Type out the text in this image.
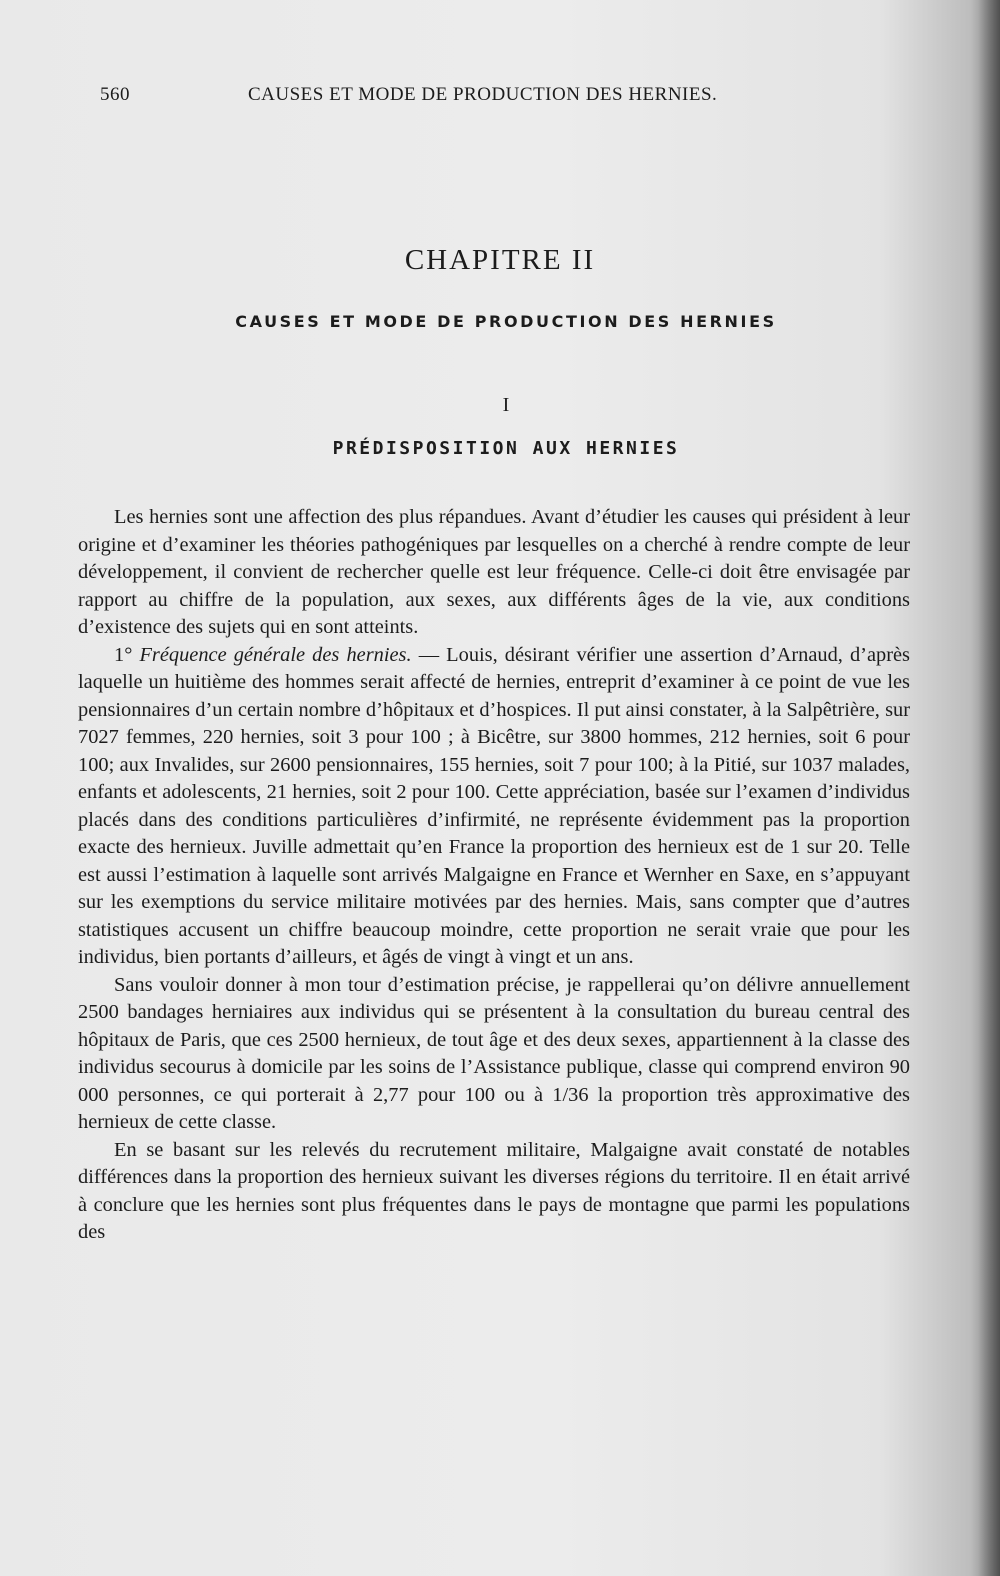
560	CAUSES ET MODE DE PRODUCTION DES HERNIES.
CHAPITRE II
CAUSES ET MODE DE PRODUCTION DES HERNIES
I
PRÉDISPOSITION AUX HERNIES

Les hernies sont une affection des plus répandues. Avant d’étudier les causes qui président à leur origine et d’examiner les théories pathogéniques par lesquelles on a cherché à rendre compte de leur développement, il convient de rechercher quelle est leur fréquence. Celle-ci doit être envisagée par rapport au chiffre de la population, aux sexes, aux différents âges de la vie, aux conditions d’existence des sujets qui en sont atteints.

1° Fréquence générale des hernies. — Louis, désirant vérifier une assertion d’Arnaud, d’après laquelle un huitième des hommes serait affecté de hernies, entreprit d’examiner à ce point de vue les pensionnaires d’un certain nombre d’hôpitaux et d’hospices. Il put ainsi constater, à la Salpêtrière, sur 7027 femmes, 220 hernies, soit 3 pour 100 ; à Bicêtre, sur 3800 hommes, 212 hernies, soit 6 pour 100; aux Invalides, sur 2600 pensionnaires, 155 hernies, soit 7 pour 100; à la Pitié, sur 1037 malades, enfants et adolescents, 21 hernies, soit 2 pour 100. Cette appréciation, basée sur l’examen d’individus placés dans des conditions particulières d’infirmité, ne représente évidemment pas la proportion exacte des hernieux. Juville admettait qu’en France la proportion des hernieux est de 1 sur 20. Telle est aussi l’estimation à laquelle sont arrivés Malgaigne en France et Wernher en Saxe, en s’appuyant sur les exemptions du service militaire motivées par des hernies. Mais, sans compter que d’autres statistiques accusent un chiffre beaucoup moindre, cette proportion ne serait vraie que pour les individus, bien portants d’ailleurs, et âgés de vingt à vingt et un ans.

Sans vouloir donner à mon tour d’estimation précise, je rappellerai qu’on délivre annuellement 2500 bandages herniaires aux individus qui se présentent à la consultation du bureau central des hôpitaux de Paris, que ces 2500 hernieux, de tout âge et des deux sexes, appartiennent à la classe des individus secourus à domicile par les soins de l’Assistance publique, classe qui comprend environ 90 000 personnes, ce qui porterait à 2,77 pour 100 ou à 1/36 la proportion très approximative des hernieux de cette classe.

En se basant sur les relevés du recrutement militaire, Malgaigne avait constaté de notables différences dans la proportion des hernieux suivant les diverses régions du territoire. Il en était arrivé à conclure que les hernies sont plus fréquentes dans le pays de montagne que parmi les populations des
